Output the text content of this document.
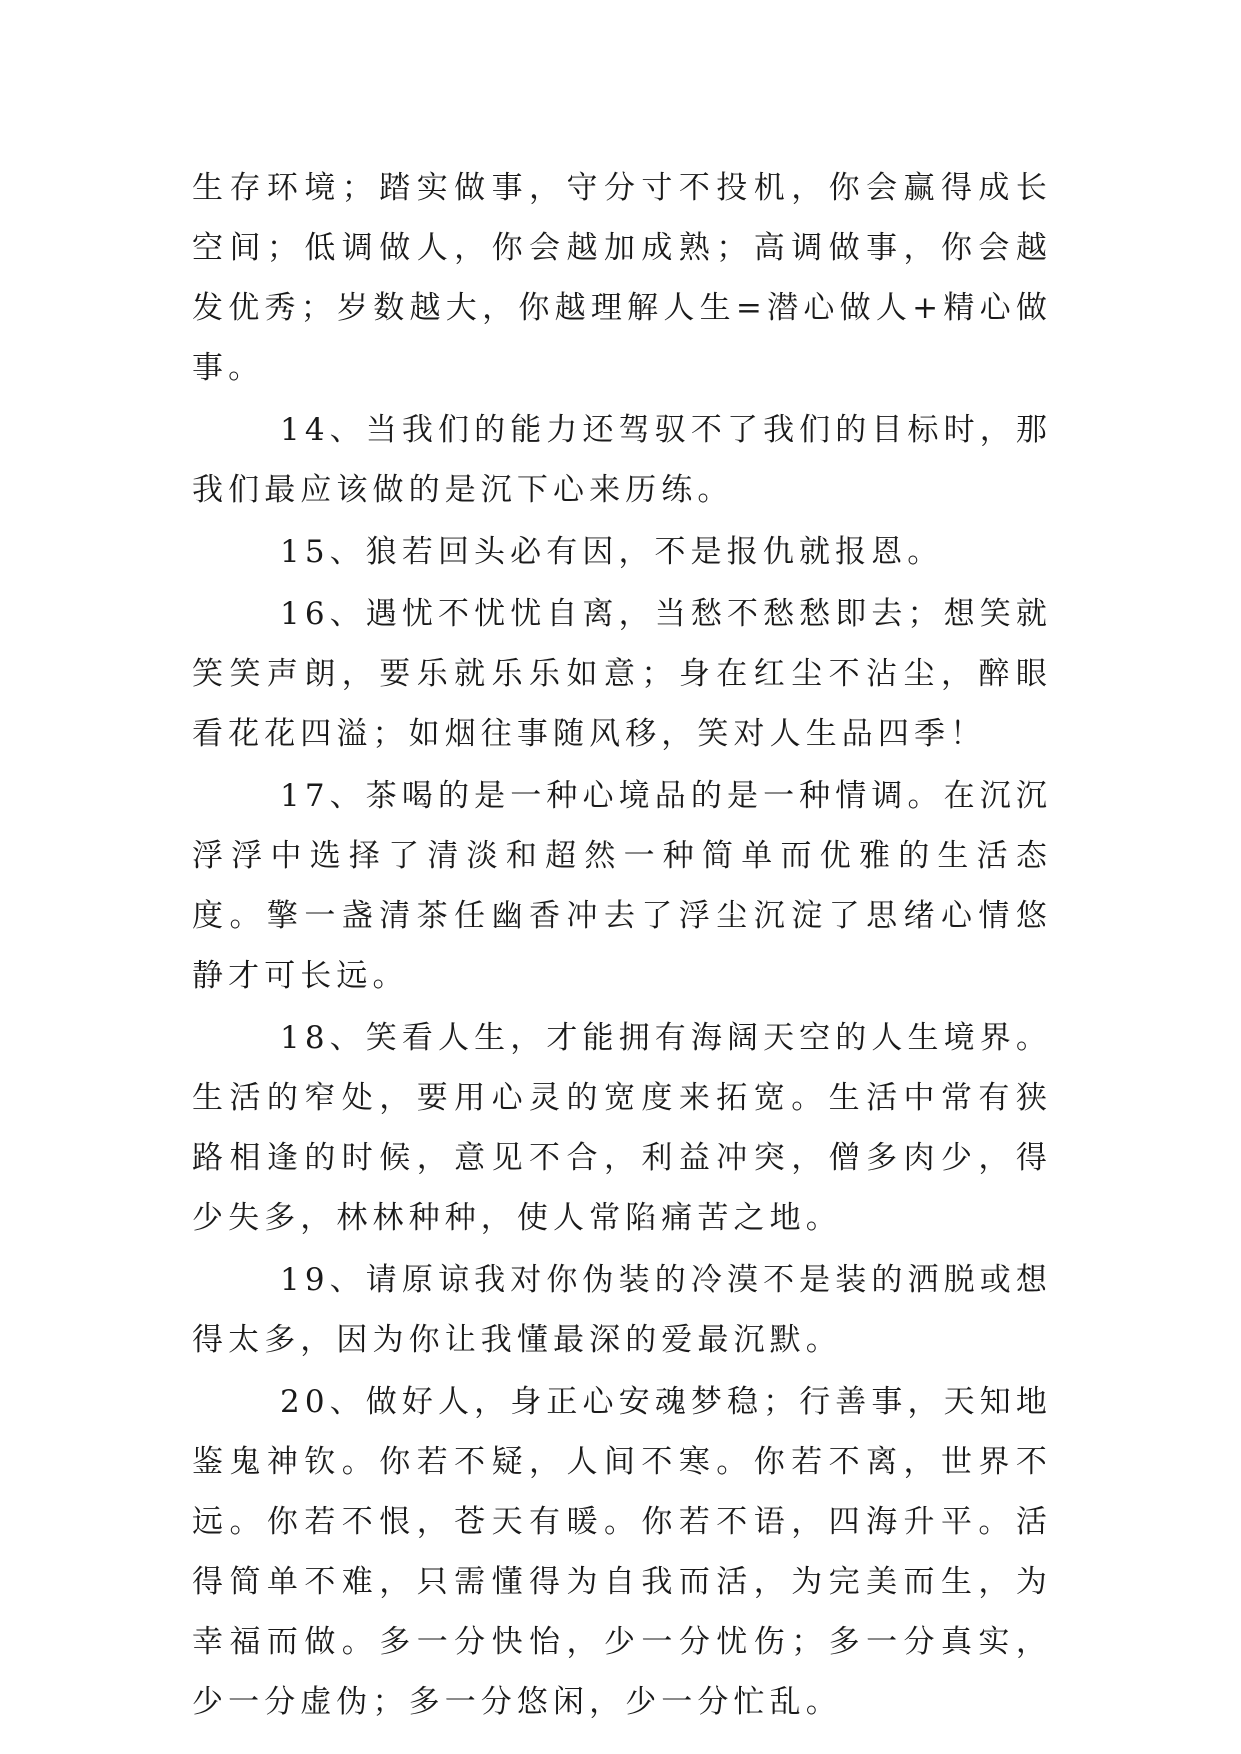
生存环境；踏实做事，守分寸不投机，你会赢得成长空间；低调做人，你会越加成熟；高调做事，你会越发优秀；岁数越大，你越理解人生=潜心做人+精心做事。

14、当我们的能力还驾驭不了我们的目标时，那我们最应该做的是沉下心来历练。

15、狼若回头必有因，不是报仇就报恩。

16、遇忧不忧忧自离，当愁不愁愁即去；想笑就笑笑声朗，要乐就乐乐如意；身在红尘不沾尘，醉眼看花花四溢；如烟往事随风移，笑对人生品四季！

17、茶喝的是一种心境品的是一种情调。在沉沉浮浮中选择了清淡和超然一种简单而优雅的生活态度。擎一盏清茶任幽香冲去了浮尘沉淀了思绪心情悠静才可长远。

18、笑看人生，才能拥有海阔天空的人生境界。生活的窄处，要用心灵的宽度来拓宽。生活中常有狭路相逢的时候，意见不合，利益冲突，僧多肉少，得少失多，林林种种，使人常陷痛苦之地。

19、请原谅我对你伪装的冷漠不是装的洒脱或想得太多，因为你让我懂最深的爱最沉默。

20、做好人，身正心安魂梦稳；行善事，天知地鉴鬼神钦。你若不疑，人间不寒。你若不离，世界不远。你若不恨，苍天有暖。你若不语，四海升平。活得简单不难，只需懂得为自我而活，为完美而生，为幸福而做。多一分快怡，少一分忧伤；多一分真实，少一分虚伪；多一分悠闲，少一分忙乱。
